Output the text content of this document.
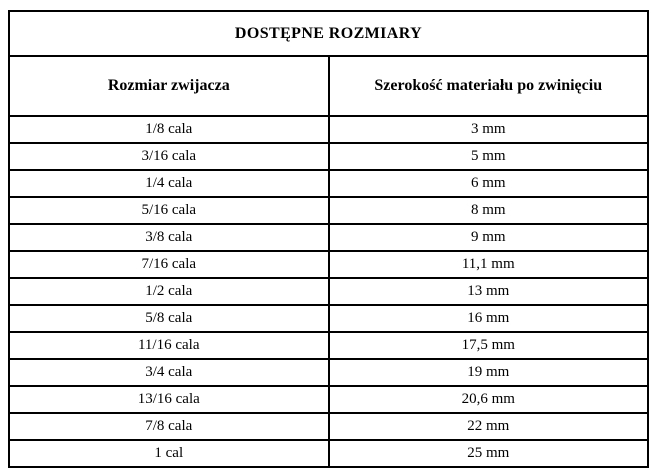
DOSTĘPNE ROZMIARY	
Rozmiar zwijacza	Szerokość materiału po zwinięciu
1/8 cala	3 mm
3/16 cala	5 mm
1/4 cala	6 mm
5/16 cala	8 mm
3/8 cala	9 mm
7/16 cala	11,1 mm
1/2 cala	13 mm
5/8 cala	16 mm
11/16 cala	17,5 mm
3/4 cala	19 mm
13/16 cala	20,6 mm
7/8 cala	22 mm
1 cal	25 mm
